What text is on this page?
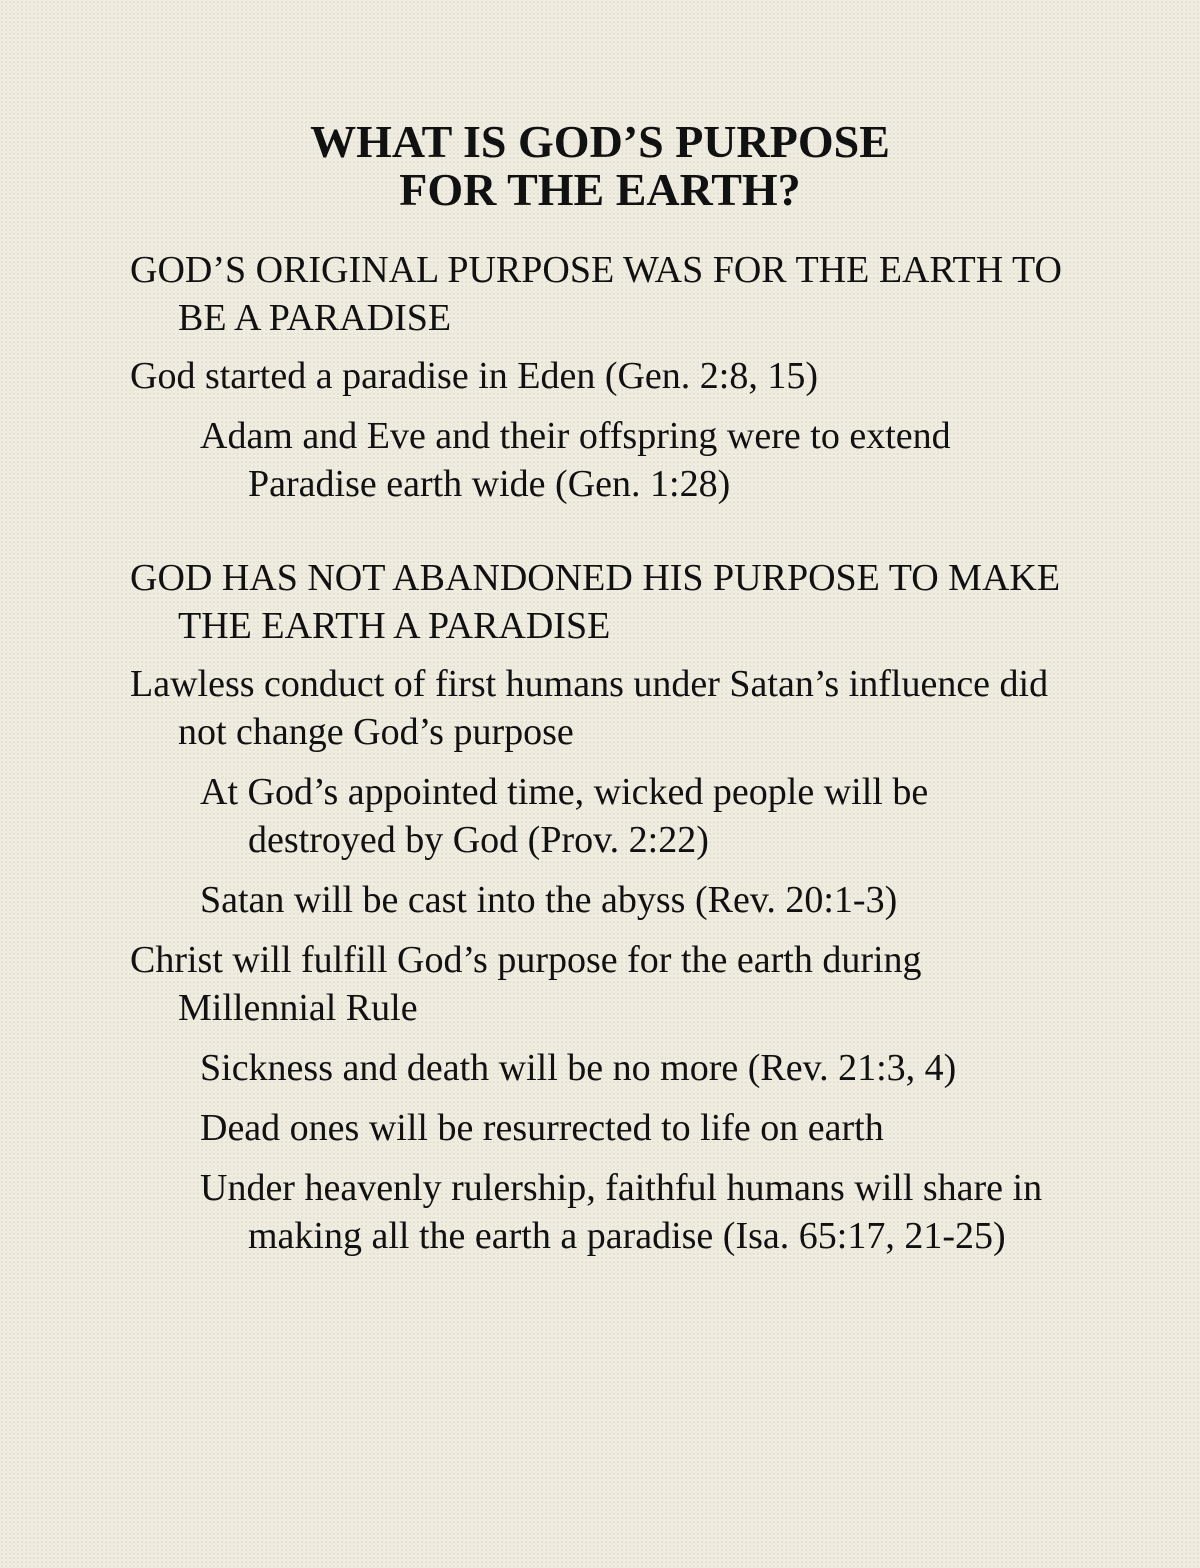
WHAT IS GOD’S PURPOSE
FOR THE EARTH?

GOD’S ORIGINAL PURPOSE WAS FOR THE EARTH TO BE A PARADISE

God started a paradise in Eden (Gen. 2:8, 15)

Adam and Eve and their offspring were to extend Paradise earth wide (Gen. 1:28)

GOD HAS NOT ABANDONED HIS PURPOSE TO MAKE THE EARTH A PARADISE

Lawless conduct of first humans under Satan’s influence did not change God’s purpose

At God’s appointed time, wicked people will be destroyed by God (Prov. 2:22)

Satan will be cast into the abyss (Rev. 20:1-3)

Christ will fulfill God’s purpose for the earth during Millennial Rule

Sickness and death will be no more (Rev. 21:3, 4)

Dead ones will be resurrected to life on earth

Under heavenly rulership, faithful humans will share in making all the earth a paradise (Isa. 65:17, 21-25)
